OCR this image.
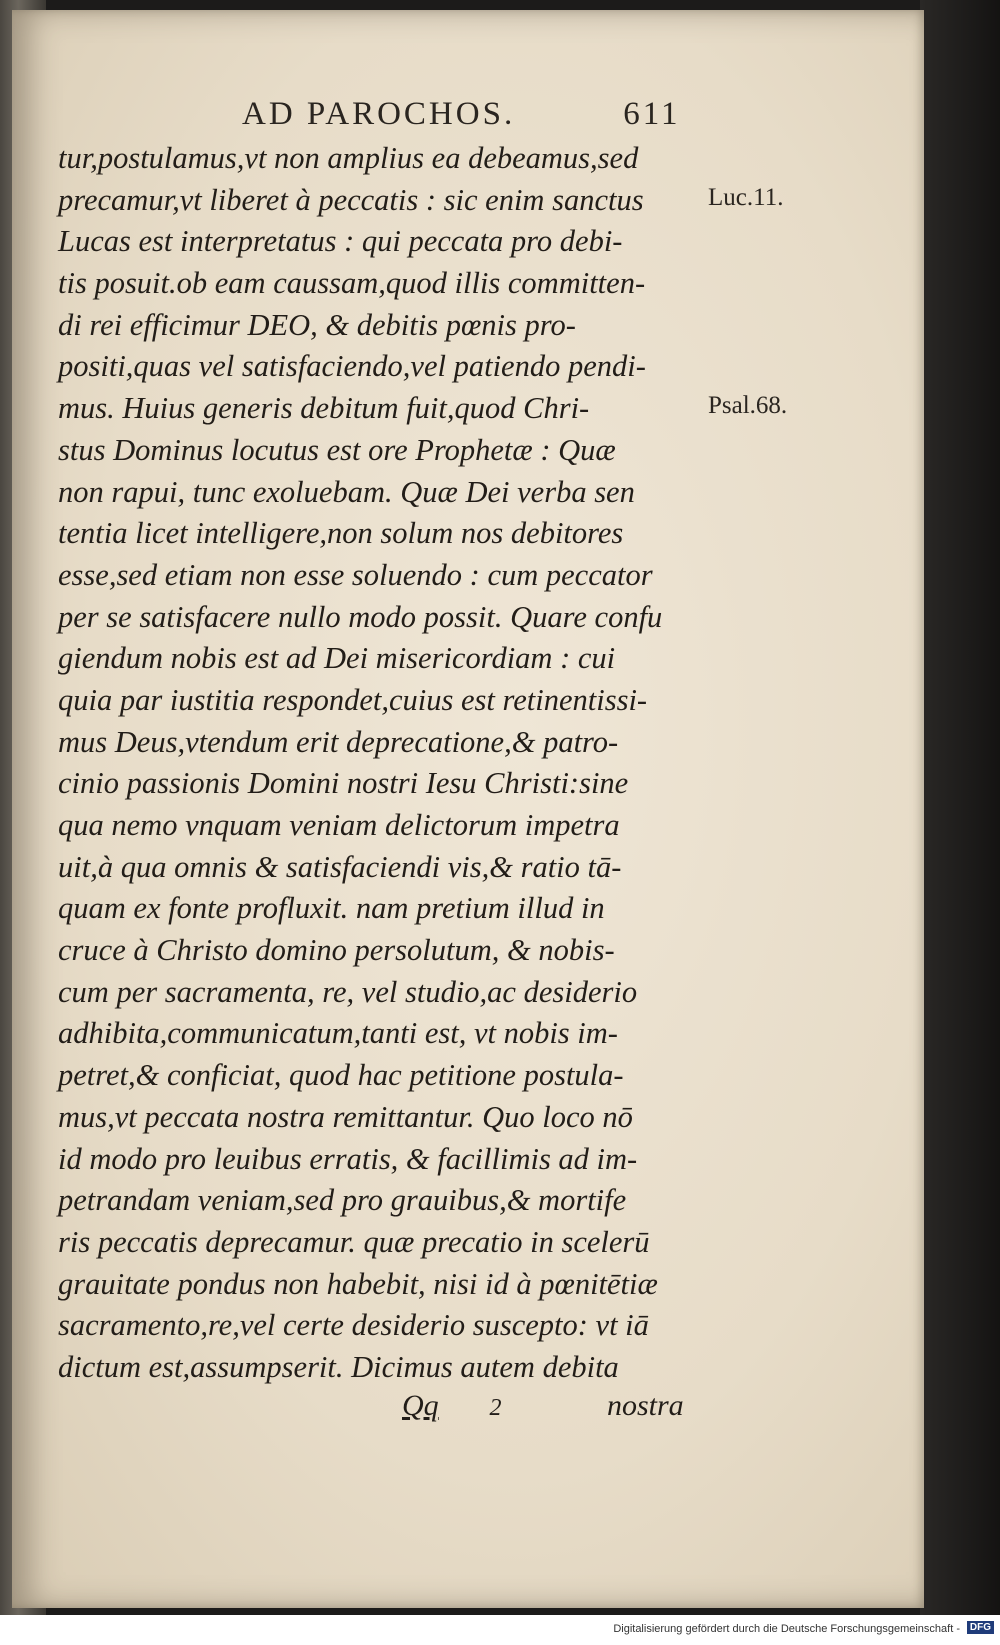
AD PAROCHOS.	611
tur,postulamus,vt non amplius ea debeamus,sed
precamur,vt liberet à peccatis : sic enim sanctus
Lucas est interpretatus : qui peccata pro debi-
tis posuit.ob eam caussam,quod illis committen-
di rei efficimur DEO, & debitis pœnis pro-
positi,quas vel satisfaciendo,vel patiendo pendi-
mus. Huius generis debitum fuit,quod Chri-
stus Dominus locutus est ore Prophetæ : Quæ
non rapui, tunc exoluebam. Quæ Dei verba sen
tentia licet intelligere,non solum nos debitores
esse,sed etiam non esse soluendo : cum peccator
per se satisfacere nullo modo possit. Quare confu
giendum nobis est ad Dei misericordiam : cui
quia par iustitia respondet,cuius est retinentissi-
mus Deus,vtendum erit deprecatione,& patro-
cinio passionis Domini nostri Iesu Christi:sine
qua nemo vnquam veniam delictorum impetra
uit,à qua omnis & satisfaciendi vis,& ratio tā-
quam ex fonte profluxit. nam pretium illud in
cruce à Christo domino persolutum, & nobis-
cum per sacramenta, re, vel studio,ac desiderio
adhibita,communicatum,tanti est, vt nobis im-
petret,& conficiat, quod hac petitione postula-
mus,vt peccata nostra remittantur. Quo loco nō
id modo pro leuibus erratis, & facillimis ad im-
petrandam veniam,sed pro grauibus,& mortife
ris peccatis deprecamur. quæ precatio in scelerū
grauitate pondus non habebit, nisi id à pœnitētiæ
sacramento,re,vel certe desiderio suscepto: vt iā
dictum est,assumpserit. Dicimus autem debita
Luc.11.
Psal.68.
Qq 2	nostra
Digitalisierung gefördert durch die Deutsche Forschungsgemeinschaft - DFG
